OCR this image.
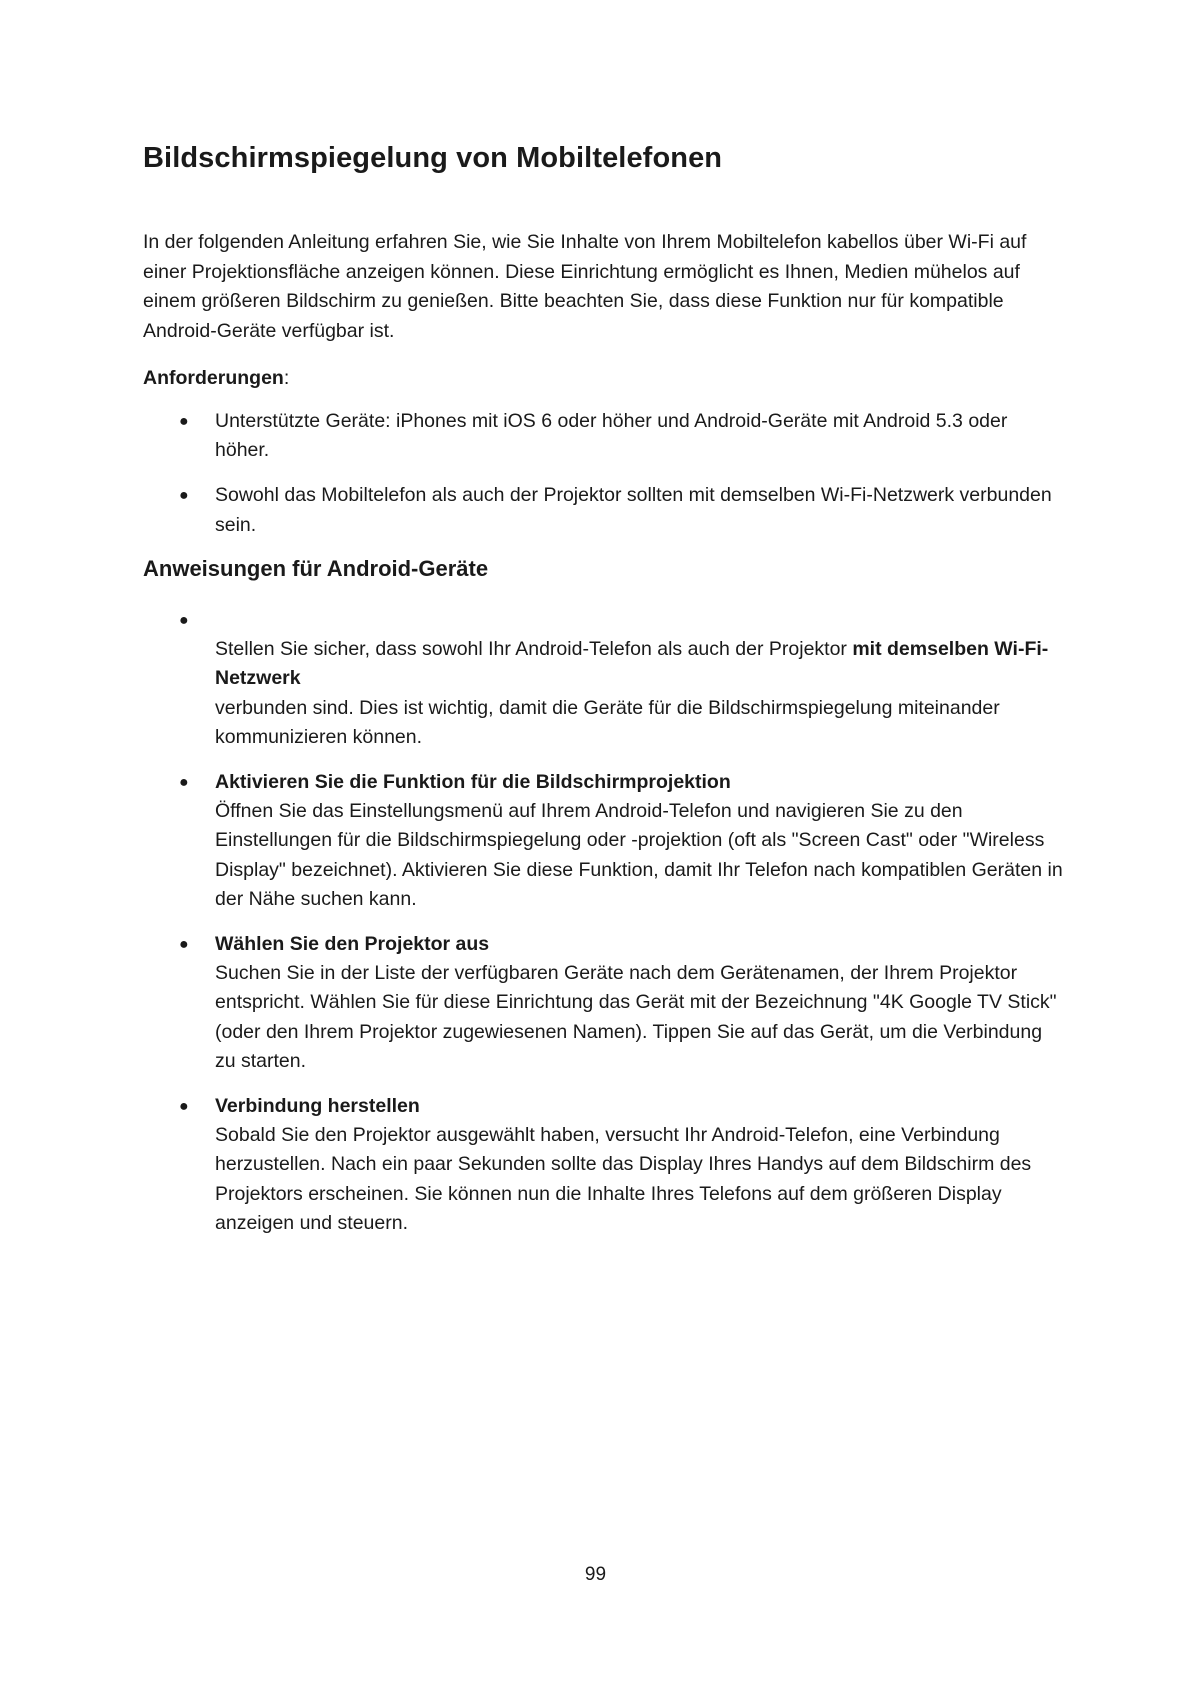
Bildschirmspiegelung von Mobiltelefonen

In der folgenden Anleitung erfahren Sie, wie Sie Inhalte von Ihrem Mobiltelefon kabellos über Wi-Fi auf einer Projektionsfläche anzeigen können. Diese Einrichtung ermöglicht es Ihnen, Medien mühelos auf einem größeren Bildschirm zu genießen. Bitte beachten Sie, dass diese Funktion nur für kompatible Android-Geräte verfügbar ist.

Anforderungen:

● Unterstützte Geräte: iPhones mit iOS 6 oder höher und Android-Geräte mit Android 5.3 oder höher.
● Sowohl das Mobiltelefon als auch der Projektor sollten mit demselben Wi-Fi-Netzwerk verbunden sein.
Anweisungen für Android-Geräte
●

Stellen Sie sicher, dass sowohl Ihr Android-Telefon als auch der Projektor mit demselben Wi-Fi-Netzwerk
verbunden sind. Dies ist wichtig, damit die Geräte für die Bildschirmspiegelung miteinander kommunizieren können.
● Aktivieren Sie die Funktion für die Bildschirmprojektion
Öffnen Sie das Einstellungsmenü auf Ihrem Android-Telefon und navigieren Sie zu den Einstellungen für die Bildschirmspiegelung oder -projektion (oft als "Screen Cast" oder "Wireless Display" bezeichnet). Aktivieren Sie diese Funktion, damit Ihr Telefon nach kompatiblen Geräten in der Nähe suchen kann.
● Wählen Sie den Projektor aus
Suchen Sie in der Liste der verfügbaren Geräte nach dem Gerätenamen, der Ihrem Projektor entspricht. Wählen Sie für diese Einrichtung das Gerät mit der Bezeichnung "4K Google TV Stick" (oder den Ihrem Projektor zugewiesenen Namen). Tippen Sie auf das Gerät, um die Verbindung zu starten.
● Verbindung herstellen
Sobald Sie den Projektor ausgewählt haben, versucht Ihr Android-Telefon, eine Verbindung herzustellen. Nach ein paar Sekunden sollte das Display Ihres Handys auf dem Bildschirm des Projektors erscheinen. Sie können nun die Inhalte Ihres Telefons auf dem größeren Display anzeigen und steuern.
99
